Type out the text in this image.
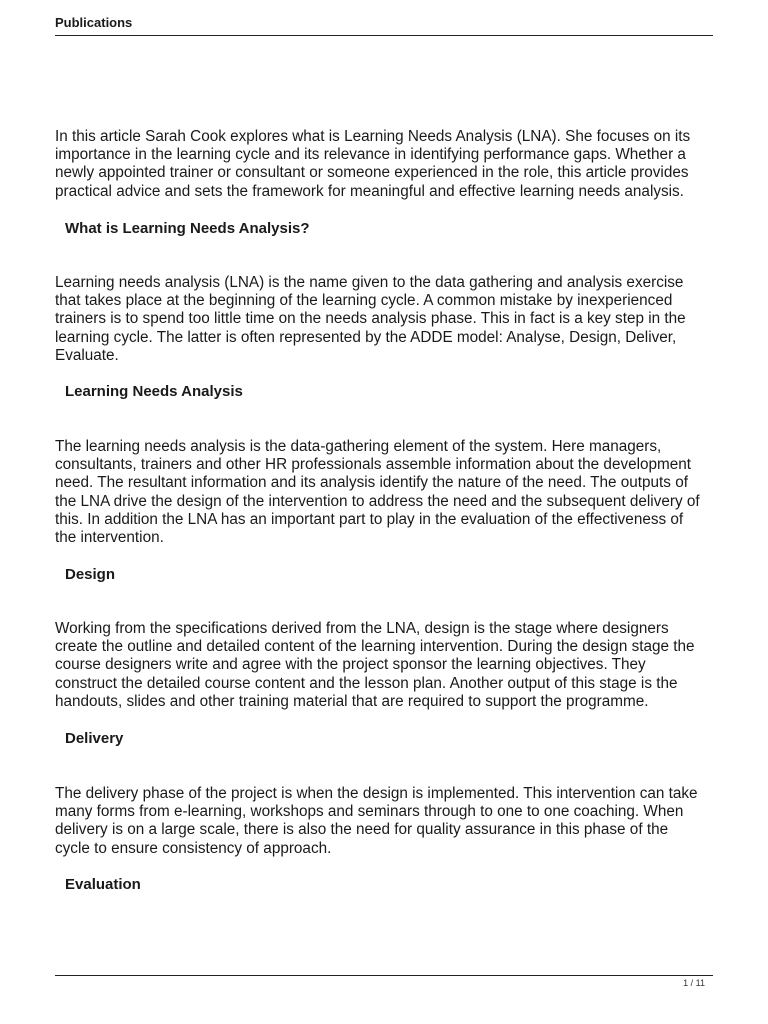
Publications

In this article Sarah Cook explores what is Learning Needs Analysis (LNA). She focuses on its
importance in the learning cycle and its relevance in identifying performance gaps. Whether a
newly appointed trainer or consultant or someone experienced in the role, this article provides
practical advice and sets the framework for meaningful and effective learning needs analysis.

What is Learning Needs Analysis?

Learning needs analysis (LNA) is the name given to the data gathering and analysis exercise
that takes place at the beginning of the learning cycle. A common mistake by inexperienced
trainers is to spend too little time on the needs analysis phase. This in fact is a key step in the
learning cycle. The latter is often represented by the ADDE model: Analyse, Design, Deliver,
Evaluate.

Learning Needs Analysis

The learning needs analysis is the data-gathering element of the system. Here managers,
consultants, trainers and other HR professionals assemble information about the development
need. The resultant information and its analysis identify the nature of the need. The outputs of
the LNA drive the design of the intervention to address the need and the subsequent delivery of
this. In addition the LNA has an important part to play in the evaluation of the effectiveness of
the intervention.

Design

Working from the specifications derived from the LNA, design is the stage where designers
create the outline and detailed content of the learning intervention. During the design stage the
course designers write and agree with the project sponsor the learning objectives. They
construct the detailed course content and the lesson plan. Another output of this stage is the
handouts, slides and other training material that are required to support the programme.

Delivery

The delivery phase of the project is when the design is implemented. This intervention can take
many forms from e-learning, workshops and seminars through to one to one coaching. When
delivery is on a large scale, there is also the need for quality assurance in this phase of the
cycle to ensure consistency of approach.

Evaluation
1 / 11
